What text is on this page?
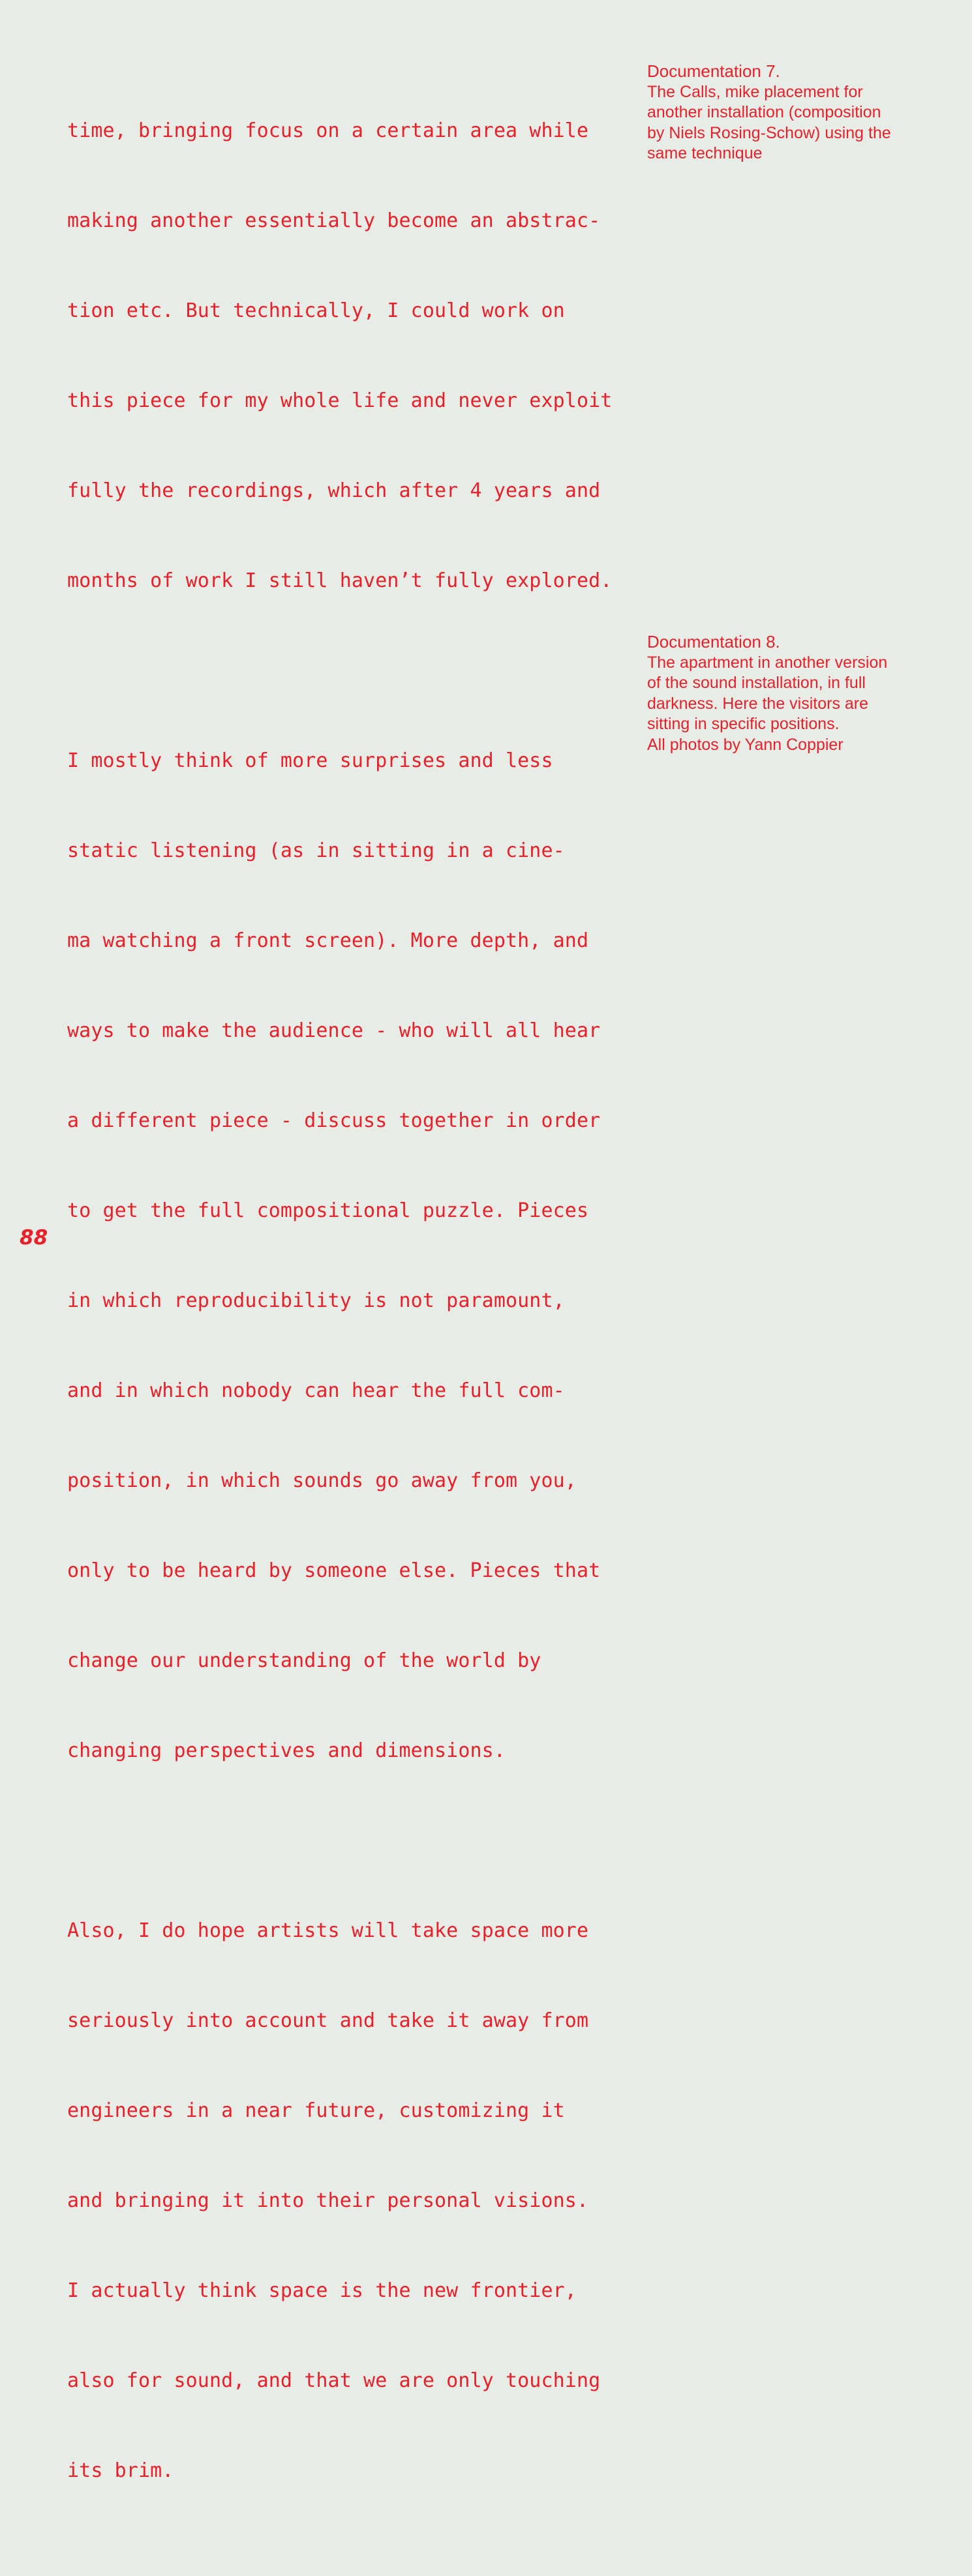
time, bringing focus on a certain area while

making another essentially become an abstrac-

tion etc. But technically, I could work on

this piece for my whole life and never exploit

fully the recordings, which after 4 years and

months of work I still haven’t fully explored.

I mostly think of more surprises and less

static listening (as in sitting in a cine-

ma watching a front screen). More depth, and

ways to make the audience - who will all hear

a different piece - discuss together in order

to get the full compositional puzzle. Pieces

in which reproducibility is not paramount,

and in which nobody can hear the full com-

position, in which sounds go away from you,

only to be heard by someone else. Pieces that

change our understanding of the world by

changing perspectives and dimensions.

Also, I do hope artists will take space more

seriously into account and take it away from

engineers in a near future, customizing it

and bringing it into their personal visions.

I actually think space is the new frontier,

also for sound, and that we are only touching

its brim.

Documentation 7.
The Calls, mike placement for
another installation (composition
by Niels Rosing-Schow) using the
same technique
Documentation 8.
The apartment in another version
of the sound installation, in full
darkness. Here the visitors are
sitting in specific positions.
All photos by Yann Coppier
88
